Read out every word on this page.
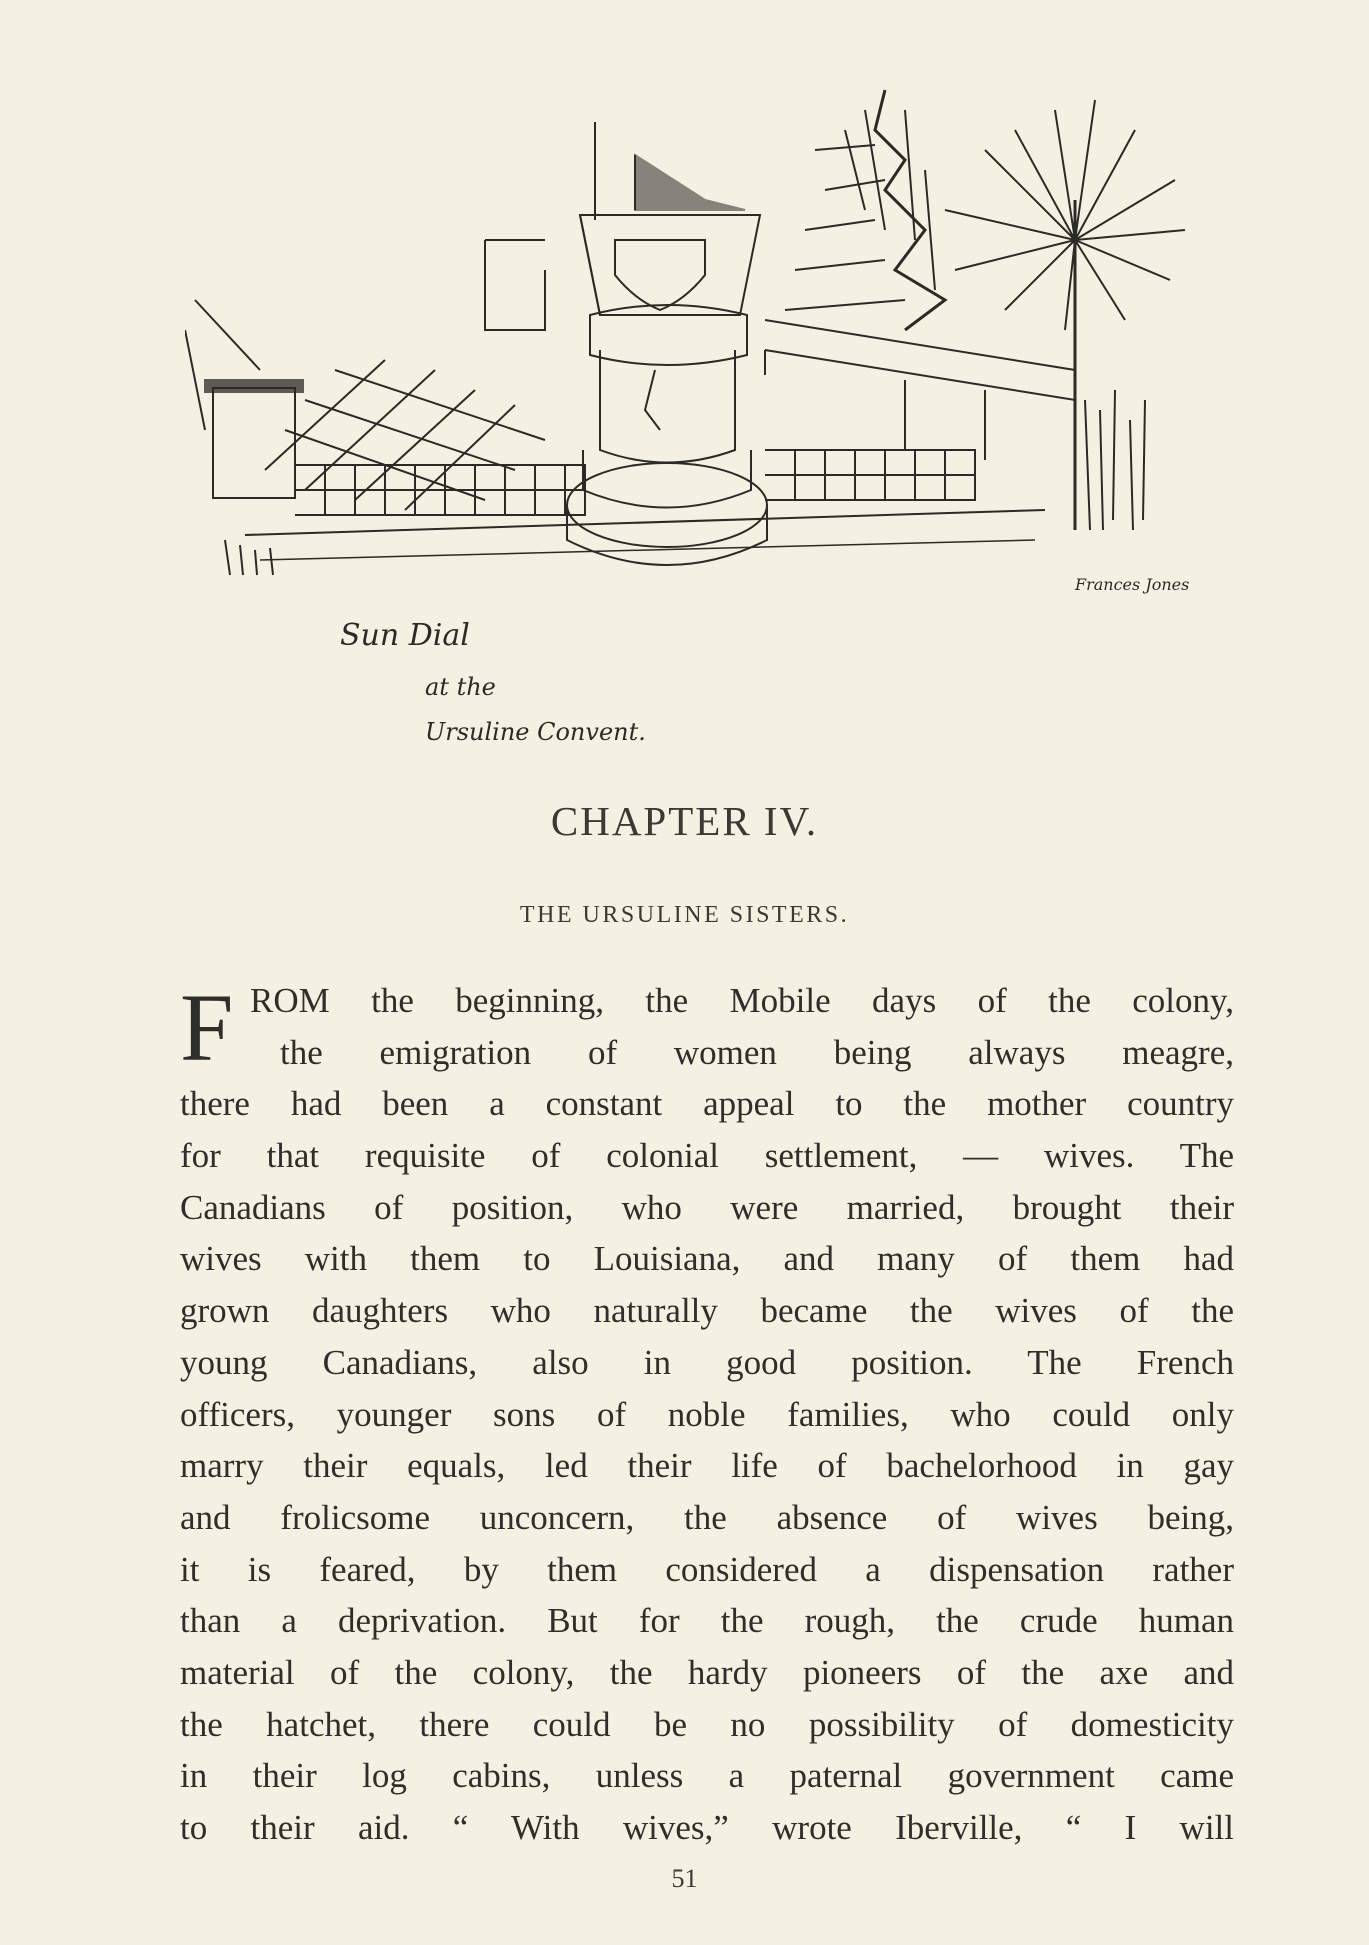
Sun Dial
at the
Ursuline Convent.
Frances Jones
CHAPTER IV.
THE URSULINE SISTERS.
F ROM the beginning, the Mobile days of the colony,
the emigration of women being always meagre,
there had been a constant appeal to the mother country
for that requisite of colonial settlement, — wives. The
Canadians of position, who were married, brought their
wives with them to Louisiana, and many of them had
grown daughters who naturally became the wives of the
young Canadians, also in good position. The French
officers, younger sons of noble families, who could only
marry their equals, led their life of bachelorhood in gay
and frolicsome unconcern, the absence of wives being,
it is feared, by them considered a dispensation rather
than a deprivation. But for the rough, the crude human
material of the colony, the hardy pioneers of the axe and
the hatchet, there could be no possibility of domesticity
in their log cabins, unless a paternal government came
to their aid. “ With wives,” wrote Iberville, “ I will
51
